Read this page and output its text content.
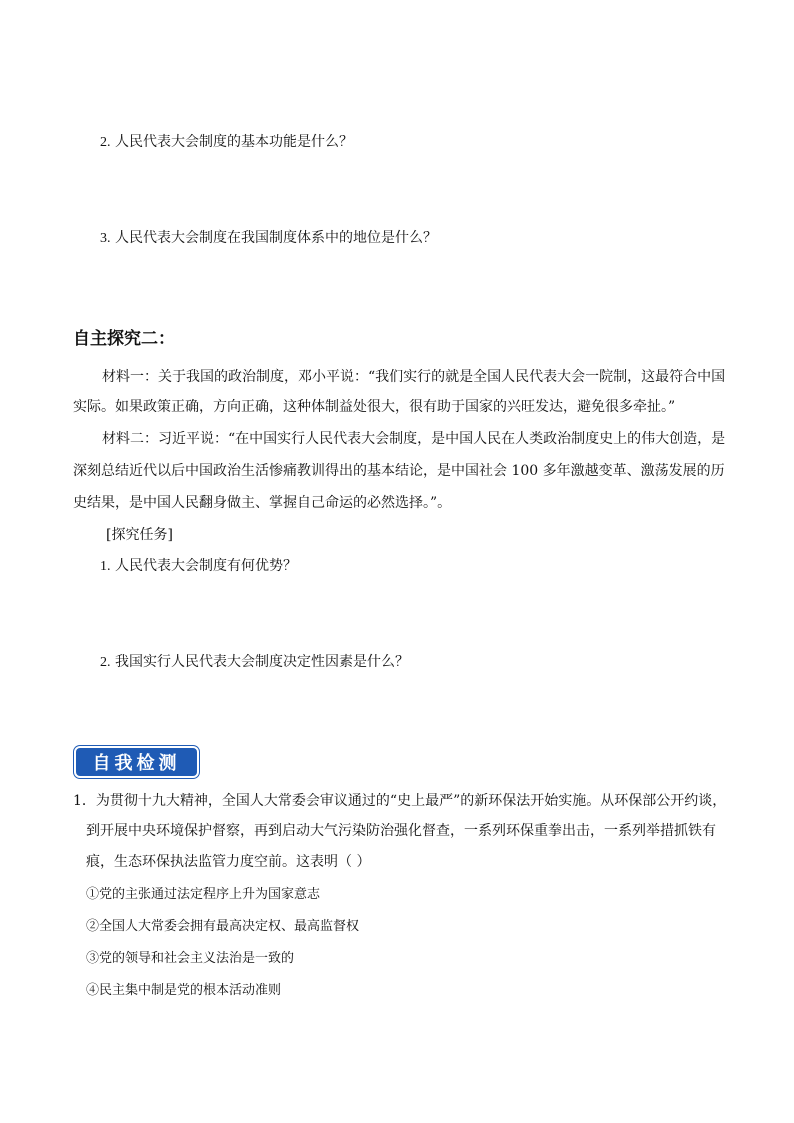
2. 人民代表大会制度的基本功能是什么？
3. 人民代表大会制度在我国制度体系中的地位是什么？
自主探究二：
材料一：关于我国的政治制度，邓小平说：“我们实行的就是全国人民代表大会一院制，这最符合中国
实际。如果政策正确，方向正确，这种体制益处很大，很有助于国家的兴旺发达，避免很多牵扯。”
材料二：习近平说：“在中国实行人民代表大会制度，是中国人民在人类政治制度史上的伟大创造，是
深刻总结近代以后中国政治生活惨痛教训得出的基本结论，是中国社会 100 多年激越变革、激荡发展的历
史结果，是中国人民翻身做主、掌握自己命运的必然选择。”。
[探究任务]
1. 人民代表大会制度有何优势？
2. 我国实行人民代表大会制度决定性因素是什么？
自我检测
1．为贯彻十九大精神，全国人大常委会审议通过的“史上最严”的新环保法开始实施。从环保部公开约谈，
到开展中央环境保护督察，再到启动大气污染防治强化督查，一系列环保重拳出击，一系列举措抓铁有
痕，生态环保执法监管力度空前。这表明（ ）
①党的主张通过法定程序上升为国家意志
②全国人大常委会拥有最高决定权、最高监督权
③党的领导和社会主义法治是一致的
④民主集中制是党的根本活动准则
